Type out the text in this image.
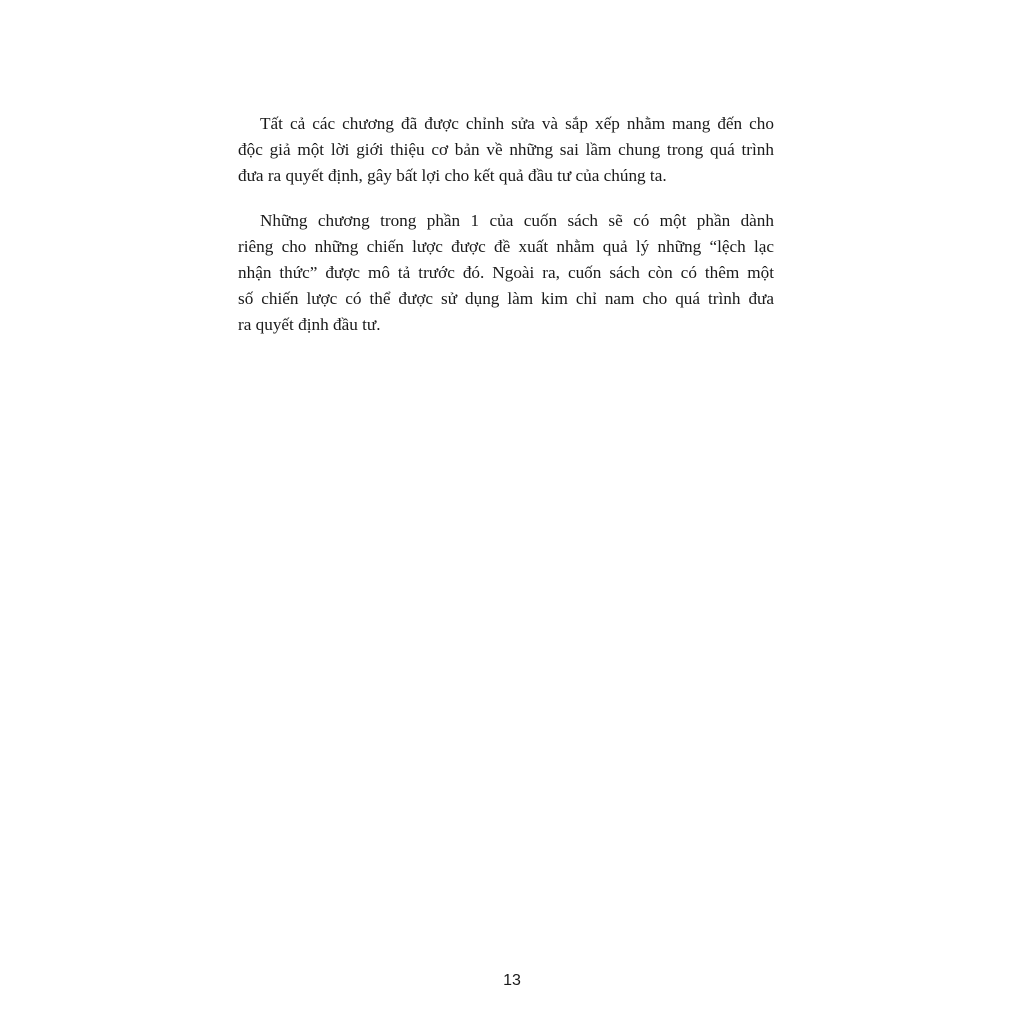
Tất cả các chương đã được chỉnh sửa và sắp xếp nhằm mang đến cho
độc giả một lời giới thiệu cơ bản về những sai lầm chung trong quá trình
đưa ra quyết định, gây bất lợi cho kết quả đầu tư của chúng ta.
Những chương trong phần 1 của cuốn sách sẽ có một phần dành
riêng cho những chiến lược được đề xuất nhằm quả lý những “lệch lạc
nhận thức” được mô tả trước đó. Ngoài ra, cuốn sách còn có thêm một
số chiến lược có thể được sử dụng làm kim chỉ nam cho quá trình đưa
ra quyết định đầu tư.
13
